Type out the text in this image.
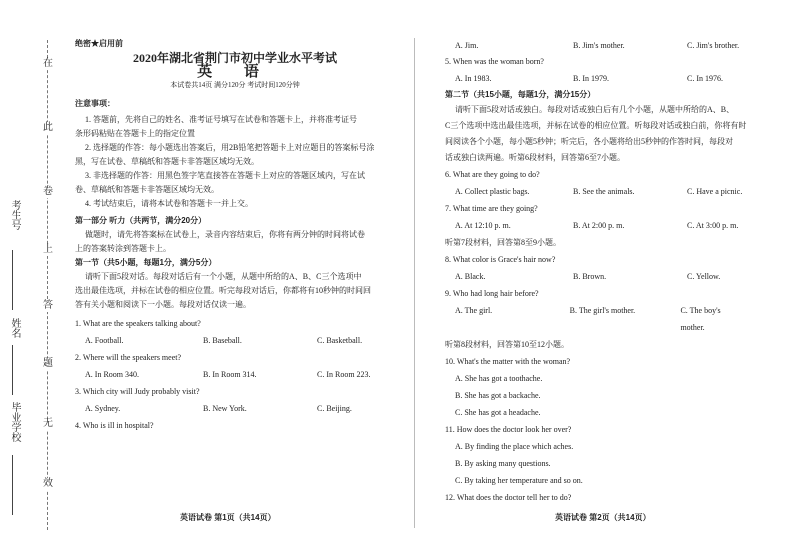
在
此
卷
上
答
题
无
效
考生号
姓名
毕业学校
绝密★启用前
2020年湖北省荆门市初中学业水平考试
英 语
本试卷共14页 满分120分 考试时间120分钟
注意事项：
1. 答题前，先将自己的姓名、准考证号填写在试卷和答题卡上，并将准考证号
条形码粘贴在答题卡上的指定位置
2. 选择题的作答：每小题选出答案后，用2B铅笔把答题卡上对应题目的答案标号涂
黑，写在试卷、草稿纸和答题卡非答题区域均无效。
3. 非选择题的作答：用黑色签字笔直接答在答题卡上对应的答题区域内，写在试
卷、草稿纸和答题卡非答题区域均无效。
4. 考试结束后，请将本试卷和答题卡一并上交。
第一部分 听力（共两节，满分20分）
做题时，请先将答案标在试卷上，录音内容结束后，你将有两分钟的时间将试卷
上的答案转涂到答题卡上。
第一节（共5小题，每题1分，满分5分）
请听下面5段对话。每段对话后有一个小题，从题中所给的A、B、C三个选项中
选出最佳选项，并标在试卷的相应位置。听完每段对话后，你都将有10秒钟的时间回
答有关小题和阅读下一小题。每段对话仅读一遍。
1. What are the speakers talking about?
A. Football.	B. Baseball.	C. Basketball.
2. Where will the speakers meet?
A. In Room 340.	B. In Room 314.	C. In Room 223.
3. Which city will Judy probably visit?
A. Sydney.	B. New York.	C. Beijing.
4. Who is ill in hospital?
英语试卷 第1页（共14页）
A. Jim.	B. Jim's mother.	C. Jim's brother.
5. When was the woman born?
A. In 1983.	B. In 1979.	C. In 1976.
第二节（共15小题，每题1分，满分15分）
请听下面5段对话或独白。每段对话或独白后有几个小题，从题中所给的A、B、
C三个选项中选出最佳选项，并标在试卷的相应位置。听每段对话或独白前，你将有时
间阅读各个小题，每小题5秒钟；听完后，各小题将给出5秒钟的作答时间，每段对
话或独白读两遍。听第6段材料，回答第6至7小题。
6. What are they going to do?
A. Collect plastic bags.	B. See the animals.	C. Have a picnic.
7. What time are they going?
A. At 12:10 p. m.	B. At 2:00 p. m.	C. At 3:00 p. m.
听第7段材料，回答第8至9小题。
8. What color is Grace's hair now?
A. Black.	B. Brown.	C. Yellow.
9. Who had long hair before?
A. The girl.	B. The girl's mother.	C. The boy's mother.
听第8段材料，回答第10至12小题。
10. What's the matter with the woman?
A. She has got a toothache.
B. She has got a backache.
C. She has got a headache.
11. How does the doctor look her over?
A. By finding the place which aches.
B. By asking many questions.
C. By taking her temperature and so on.
12. What does the doctor tell her to do?
英语试卷 第2页（共14页）
